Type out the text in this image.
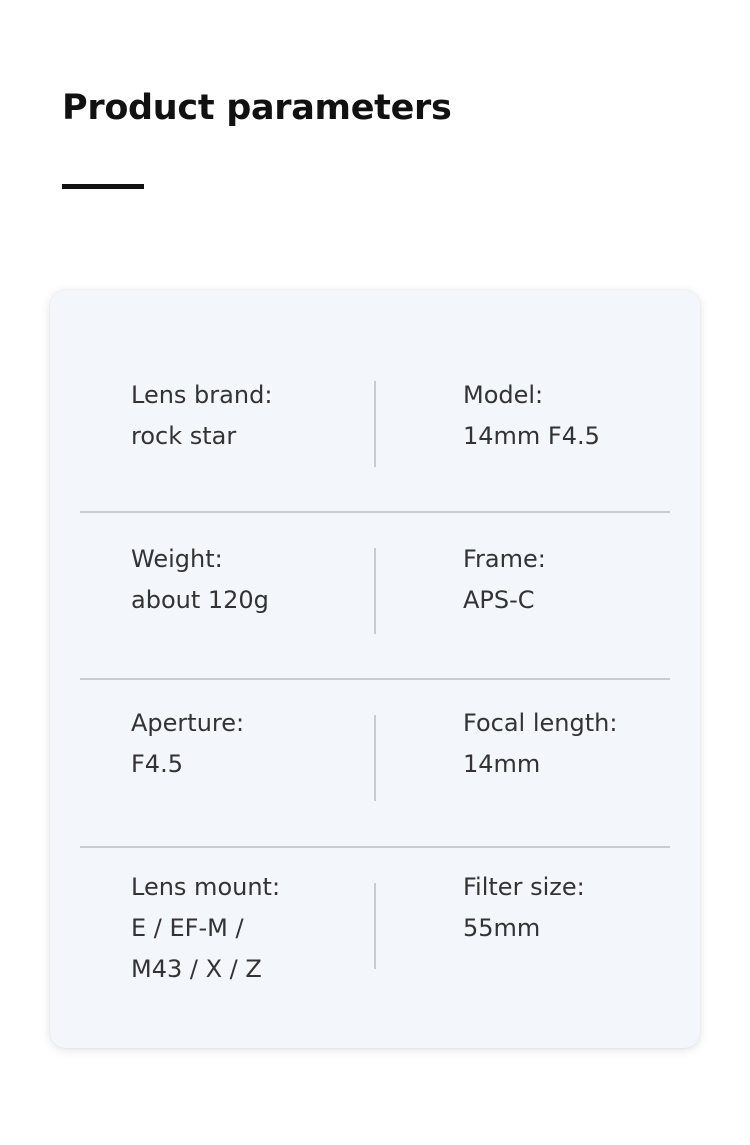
Product parameters
Lens brand:
rock star
Model:
14mm F4.5
Weight:
about 120g
Frame:
APS-C
Aperture:
F4.5
Focal length:
14mm
Lens mount:
E / EF-M /
M43 / X / Z
Filter size:
55mm
